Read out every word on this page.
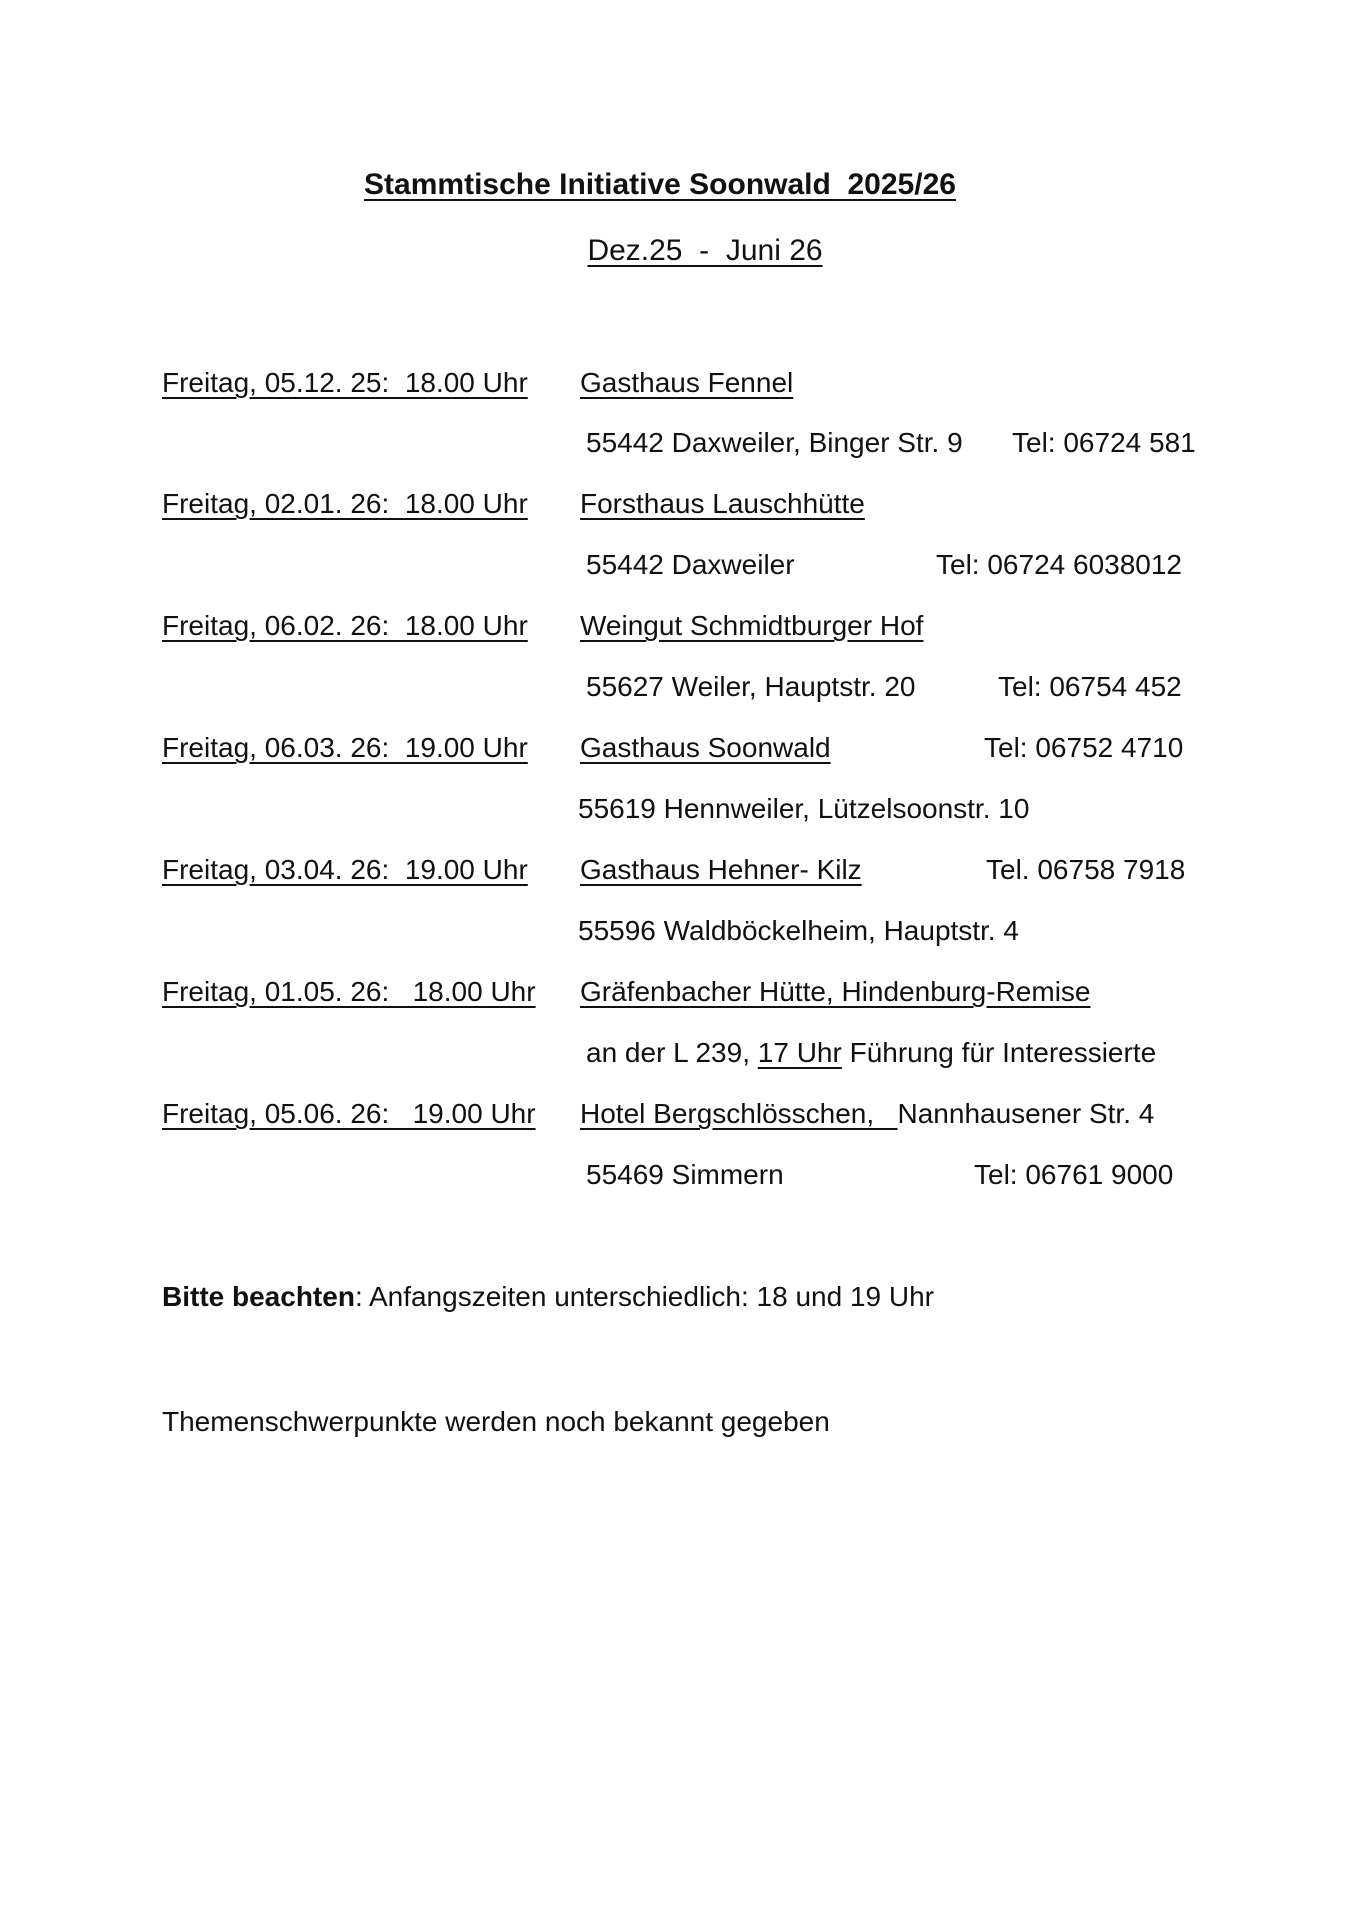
Stammtische Initiative Soonwald  2025/26
Dez.25  -  Juni 26
Freitag, 05.12. 25:  18.00 Uhr Gasthaus Fennel
55442 Daxweiler, Binger Str. 9 Tel: 06724 581
Freitag, 02.01. 26:  18.00 Uhr Forsthaus Lauschhütte
55442 Daxweiler	Tel: 06724 6038012
Freitag, 06.02. 26:  18.00 Uhr Weingut Schmidtburger Hof
55627 Weiler, Hauptstr. 20	Tel: 06754 452
Freitag, 06.03. 26:  19.00 Uhr Gasthaus Soonwald	Tel: 06752 4710
55619 Hennweiler, Lützelsoonstr. 10
Freitag, 03.04. 26:  19.00 Uhr Gasthaus Hehner- Kilz	Tel. 06758 7918
55596 Waldböckelheim, Hauptstr. 4
Freitag, 01.05. 26:   18.00 Uhr Gräfenbacher Hütte, Hindenburg-Remise
an der L 239, 17 Uhr Führung für Interessierte
Freitag, 05.06. 26:   19.00 Uhr Hotel Bergschlösschen,   Nannhausener Str. 4
55469 Simmern	Tel: 06761 9000
Bitte beachten: Anfangszeiten unterschiedlich: 18 und 19 Uhr
Themenschwerpunkte werden noch bekannt gegeben
